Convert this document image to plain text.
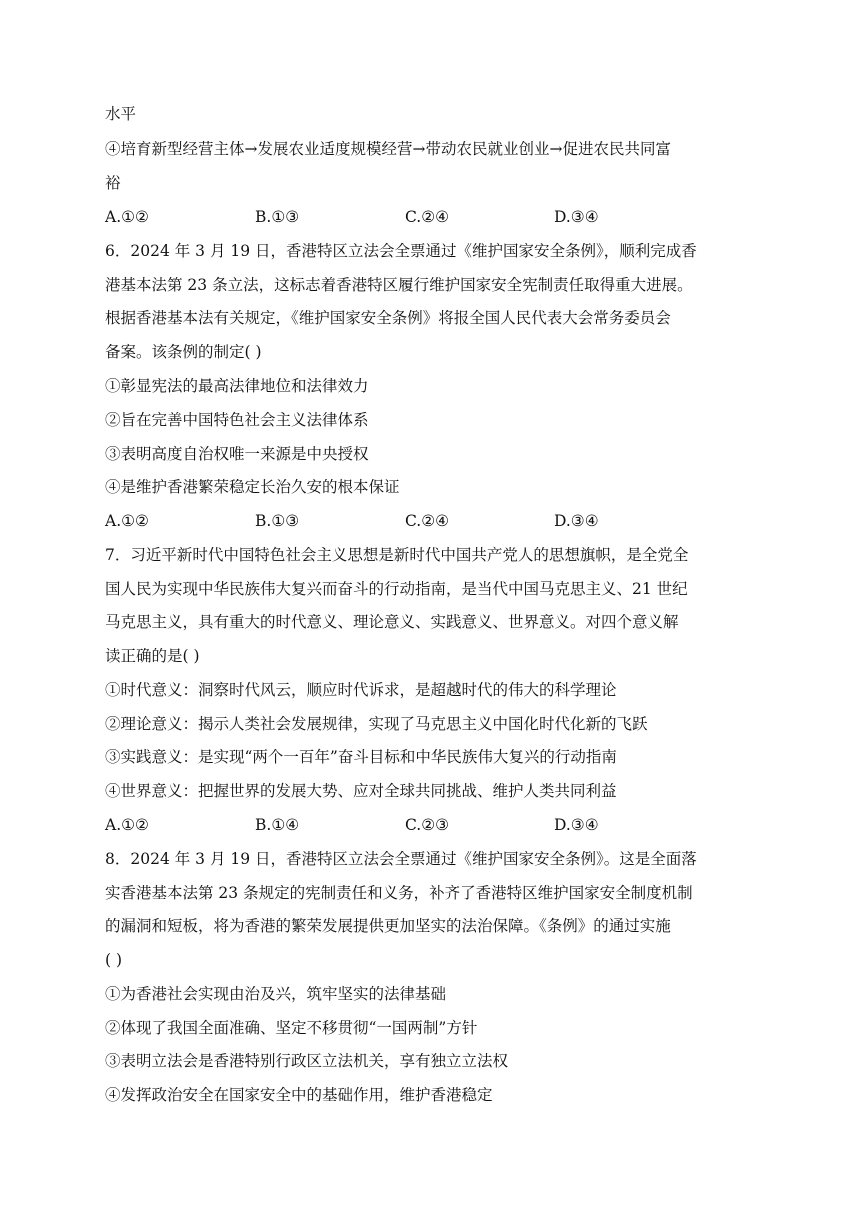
水平
④培育新型经营主体→发展农业适度规模经营→带动农民就业创业→促进农民共同富
裕
A.①②	B.①③	C.②④	D.③④
6．2024 年 3 月 19 日，香港特区立法会全票通过《维护国家安全条例》，顺利完成香
港基本法第 23 条立法，这标志着香港特区履行维护国家安全宪制责任取得重大进展。
根据香港基本法有关规定，《维护国家安全条例》将报全国人民代表大会常务委员会
备案。该条例的制定( )
①彰显宪法的最高法律地位和法律效力
②旨在完善中国特色社会主义法律体系
③表明高度自治权唯一来源是中央授权
④是维护香港繁荣稳定长治久安的根本保证
A.①②	B.①③	C.②④	D.③④
7．习近平新时代中国特色社会主义思想是新时代中国共产党人的思想旗帜，是全党全
国人民为实现中华民族伟大复兴而奋斗的行动指南，是当代中国马克思主义、21 世纪
马克思主义，具有重大的时代意义、理论意义、实践意义、世界意义。对四个意义解
读正确的是( )
①时代意义：洞察时代风云，顺应时代诉求，是超越时代的伟大的科学理论
②理论意义：揭示人类社会发展规律，实现了马克思主义中国化时代化新的飞跃
③实践意义：是实现“两个一百年”奋斗目标和中华民族伟大复兴的行动指南
④世界意义：把握世界的发展大势、应对全球共同挑战、维护人类共同利益
A.①②	B.①④	C.②③	D.③④
8．2024 年 3 月 19 日，香港特区立法会全票通过《维护国家安全条例》。这是全面落
实香港基本法第 23 条规定的宪制责任和义务，补齐了香港特区维护国家安全制度机制
的漏洞和短板，将为香港的繁荣发展提供更加坚实的法治保障。《条例》的通过实施
( )
①为香港社会实现由治及兴，筑牢坚实的法律基础
②体现了我国全面准确、坚定不移贯彻“一国两制”方针
③表明立法会是香港特别行政区立法机关，享有独立立法权
④发挥政治安全在国家安全中的基础作用，维护香港稳定
